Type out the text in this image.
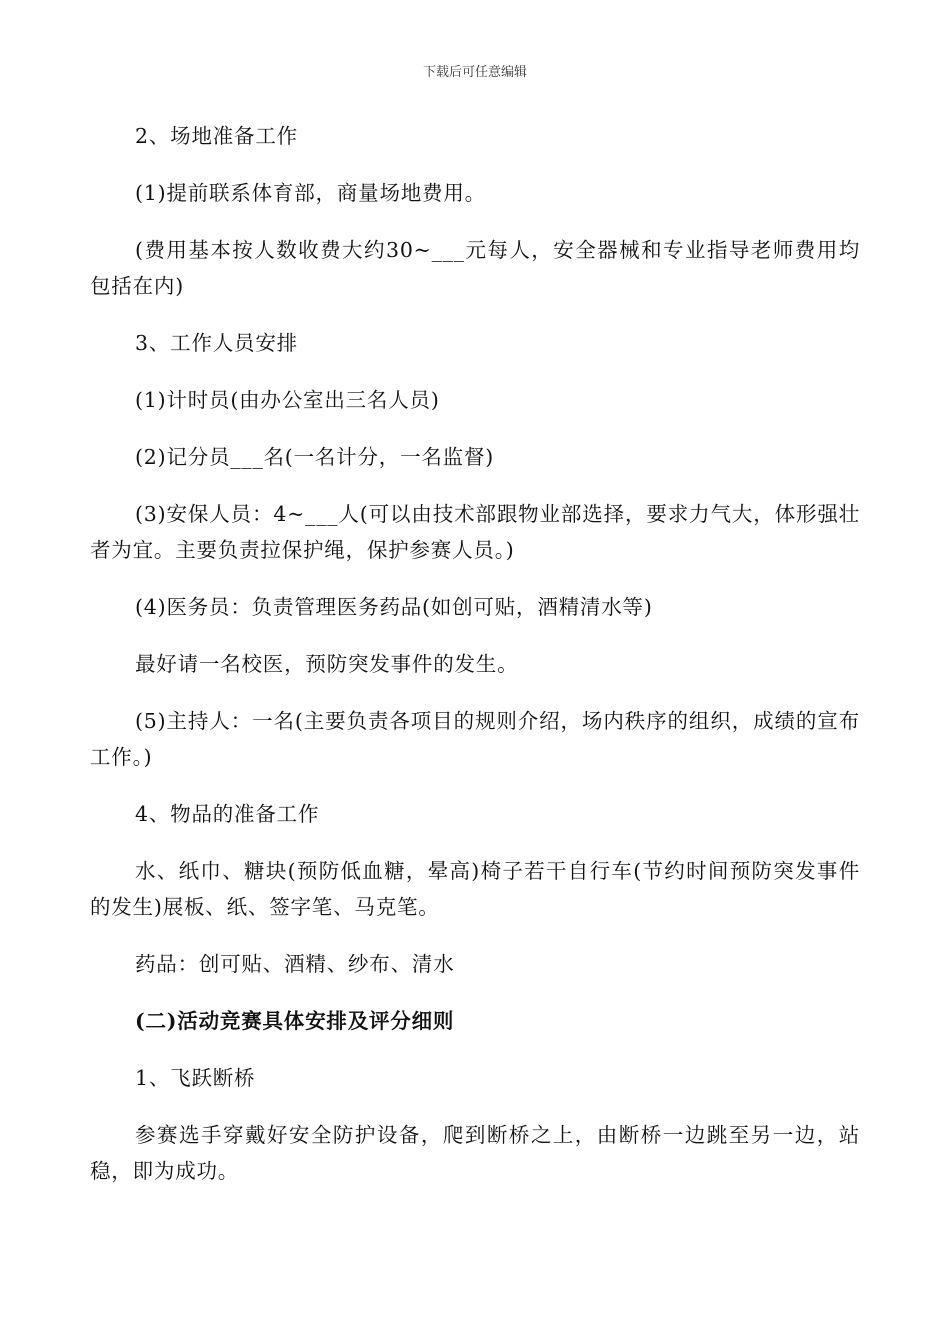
下载后可任意编辑

2、场地准备工作

(1)提前联系体育部，商量场地费用。

(费用基本按人数收费大约30~___元每人，安全器械和专业指导老师费用均包括在内)

3、工作人员安排

(1)计时员(由办公室出三名人员)

(2)记分员___名(一名计分，一名监督)

(3)安保人员：4~___人(可以由技术部跟物业部选择，要求力气大，体形强壮者为宜。主要负责拉保护绳，保护参赛人员。)

(4)医务员：负责管理医务药品(如创可贴，酒精清水等)

最好请一名校医，预防突发事件的发生。

(5)主持人：一名(主要负责各项目的规则介绍，场内秩序的组织，成绩的宣布工作。)

4、物品的准备工作

水、纸巾、糖块(预防低血糖，晕高)椅子若干自行车(节约时间预防突发事件的发生)展板、纸、签字笔、马克笔。

药品：创可贴、酒精、纱布、清水

(二)活动竞赛具体安排及评分细则

1、飞跃断桥

参赛选手穿戴好安全防护设备，爬到断桥之上，由断桥一边跳至另一边，站稳，即为成功。
